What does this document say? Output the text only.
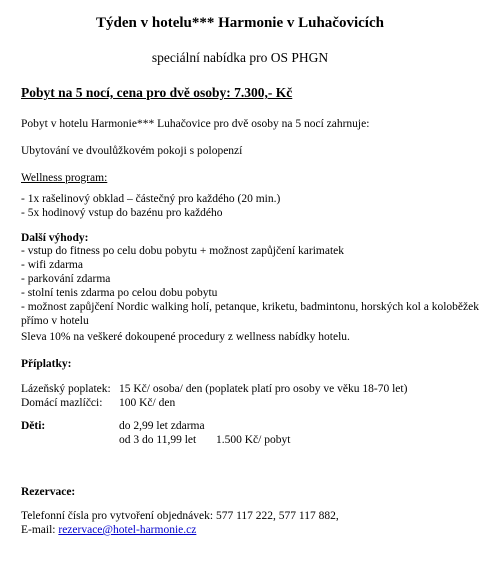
Týden v hotelu*** Harmonie v Luhačovicích
speciální nabídka pro OS PHGN
Pobyt na 5 nocí, cena pro dvě osoby: 7.300,- Kč
Pobyt v hotelu Harmonie*** Luhačovice pro dvě osoby na 5 nocí zahrnuje:
Ubytování ve dvoulůžkovém pokoji s polopenzí
Wellness program:
- 1x rašelinový obklad – částečný pro každého (20 min.)
- 5x hodinový vstup do bazénu pro každého
Další výhody:
- vstup do fitness po celu dobu pobytu + možnost zapůjčení karimatek
- wifi zdarma
- parkování zdarma
- stolní tenis zdarma po celou dobu pobytu
- možnost zapůjčení Nordic walking holí, petanque, kriketu, badmintonu, horských kol a koloběžek
přímo v hotelu
Sleva 10% na veškeré dokoupené procedury z wellness nabídky hotelu.
Příplatky:
Lázeňský poplatek: 15 Kč/ osoba/ den (poplatek platí pro osoby ve věku 18-70 let)
Domácí mazlíčci: 100 Kč/ den
Děti:	do 2,99 let zdarma
od 3 do 11,99 let 1.500 Kč/ pobyt
Rezervace:
Telefonní čísla pro vytvoření objednávek: 577 117 222, 577 117 882,
E-mail: rezervace@hotel-harmonie.cz
